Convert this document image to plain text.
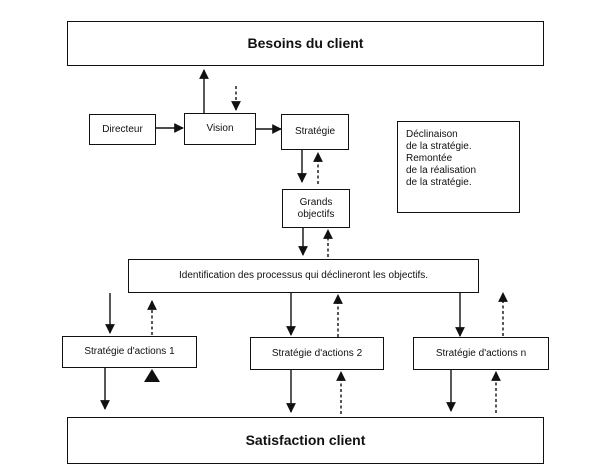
Besoins du client
Directeur	Vision	Stratégie
Grands
objectifs
Identification des processus qui déclineront les objectifs.
Stratégie d'actions 1	Stratégie d'actions 2	Stratégie d'actions n
Satisfaction client
Déclinaison
de la stratégie.
Remontée
de la réalisation
de la stratégie.
